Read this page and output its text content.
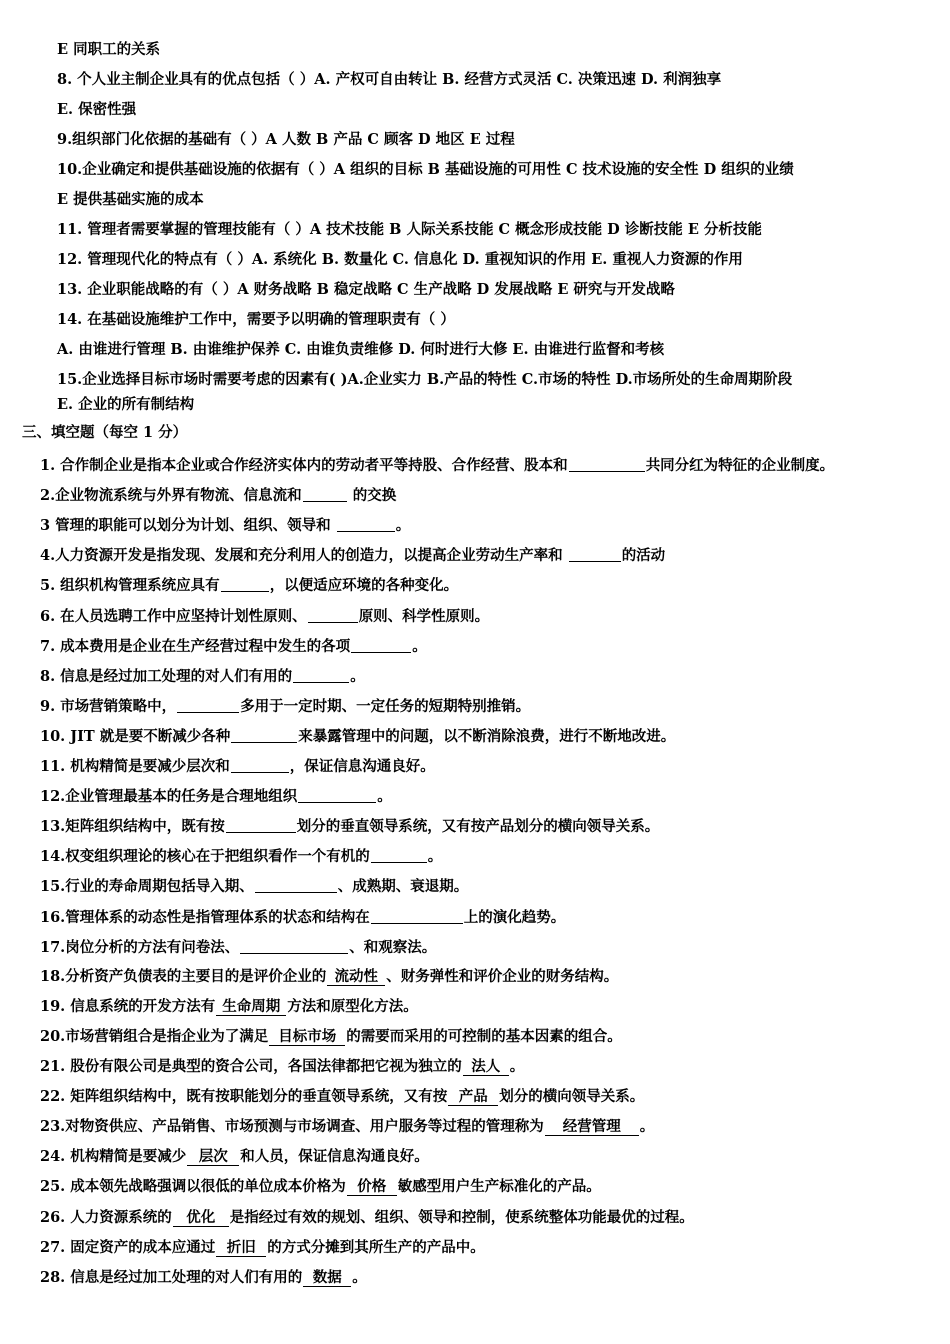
E 同职工的关系
8. 个人业主制企业具有的优点包括（ ）A. 产权可自由转让 B. 经营方式灵活 C. 决策迅速 D. 利润独享
E. 保密性强
9.组织部门化依据的基础有（ ）A 人数 B 产品 C 顾客 D 地区 E 过程
10.企业确定和提供基础设施的依据有（ ）A 组织的目标 B 基础设施的可用性 C 技术设施的安全性 D 组织的业绩
E 提供基础实施的成本
11. 管理者需要掌握的管理技能有（ ）A 技术技能 B 人际关系技能 C 概念形成技能 D 诊断技能 E 分析技能
12. 管理现代化的特点有（ ）A. 系统化 B. 数量化 C. 信息化 D. 重视知识的作用 E. 重视人力资源的作用
13. 企业职能战略的有（ ）A 财务战略 B 稳定战略 C 生产战略 D 发展战略 E 研究与开发战略
14. 在基础设施维护工作中，需要予以明确的管理职责有（ ）
A. 由谁进行管理 B. 由谁维护保养 C. 由谁负责维修 D. 何时进行大修 E. 由谁进行监督和考核
15.企业选择目标市场时需要考虑的因素有( )A.企业实力 B.产品的特性 C.市场的特性 D.市场所处的生命周期阶段
E. 企业的所有制结构
三、填空题（每空 1 分）
1. 合作制企业是指本企业或合作经济实体内的劳动者平等持股、合作经营、股本和	共同分红为特征的企业制度。
2.企业物流系统与外界有物流、信息流和	的交换
3 管理的职能可以划分为计划、组织、领导和	。
4.人力资源开发是指发现、发展和充分利用人的创造力，以提高企业劳动生产率和	的活动
5. 组织机构管理系统应具有	，以便适应环境的各种变化。
6. 在人员选聘工作中应坚持计划性原则、	原则、科学性原则。
7. 成本费用是企业在生产经营过程中发生的各项	。
8. 信息是经过加工处理的对人们有用的	。
9. 市场营销策略中，	多用于一定时期、一定任务的短期特别推销。
10. JIT 就是要不断减少各种	来暴露管理中的问题，以不断消除浪费，进行不断地改进。
11. 机构精简是要减少层次和	，保证信息沟通良好。
12.企业管理最基本的任务是合理地组织	。
13.矩阵组织结构中，既有按	划分的垂直领导系统，又有按产品划分的横向领导关系。
14.权变组织理论的核心在于把组织看作一个有机的	。
15.行业的寿命周期包括导入期、	、成熟期、衰退期。
16.管理体系的动态性是指管理体系的状态和结构在	上的演化趋势。
17.岗位分析的方法有问卷法、	、和观察法。
18.分析资产负债表的主要目的是评价企业的 流动性 、财务弹性和评价企业的财务结构。
19. 信息系统的开发方法有 生命周期 方法和原型化方法。
20.市场营销组合是指企业为了满足 目标市场 的需要而采用的可控制的基本因素的组合。
21. 股份有限公司是典型的资合公司，各国法律都把它视为独立的 法人 。
22. 矩阵组织结构中，既有按职能划分的垂直领导系统，又有按 产品 划分的横向领导关系。
23.对物资供应、产品销售、市场预测与市场调查、用户服务等过程的管理称为 经营管理 。
24. 机构精简是要减少 层次 和人员，保证信息沟通良好。
25. 成本领先战略强调以很低的单位成本价格为 价格 敏感型用户生产标准化的产品。
26. 人力资源系统的 优化 是指经过有效的规划、组织、领导和控制，使系统整体功能最优的过程。
27. 固定资产的成本应通过 折旧 的方式分摊到其所生产的产品中。
28. 信息是经过加工处理的对人们有用的 数据 。
